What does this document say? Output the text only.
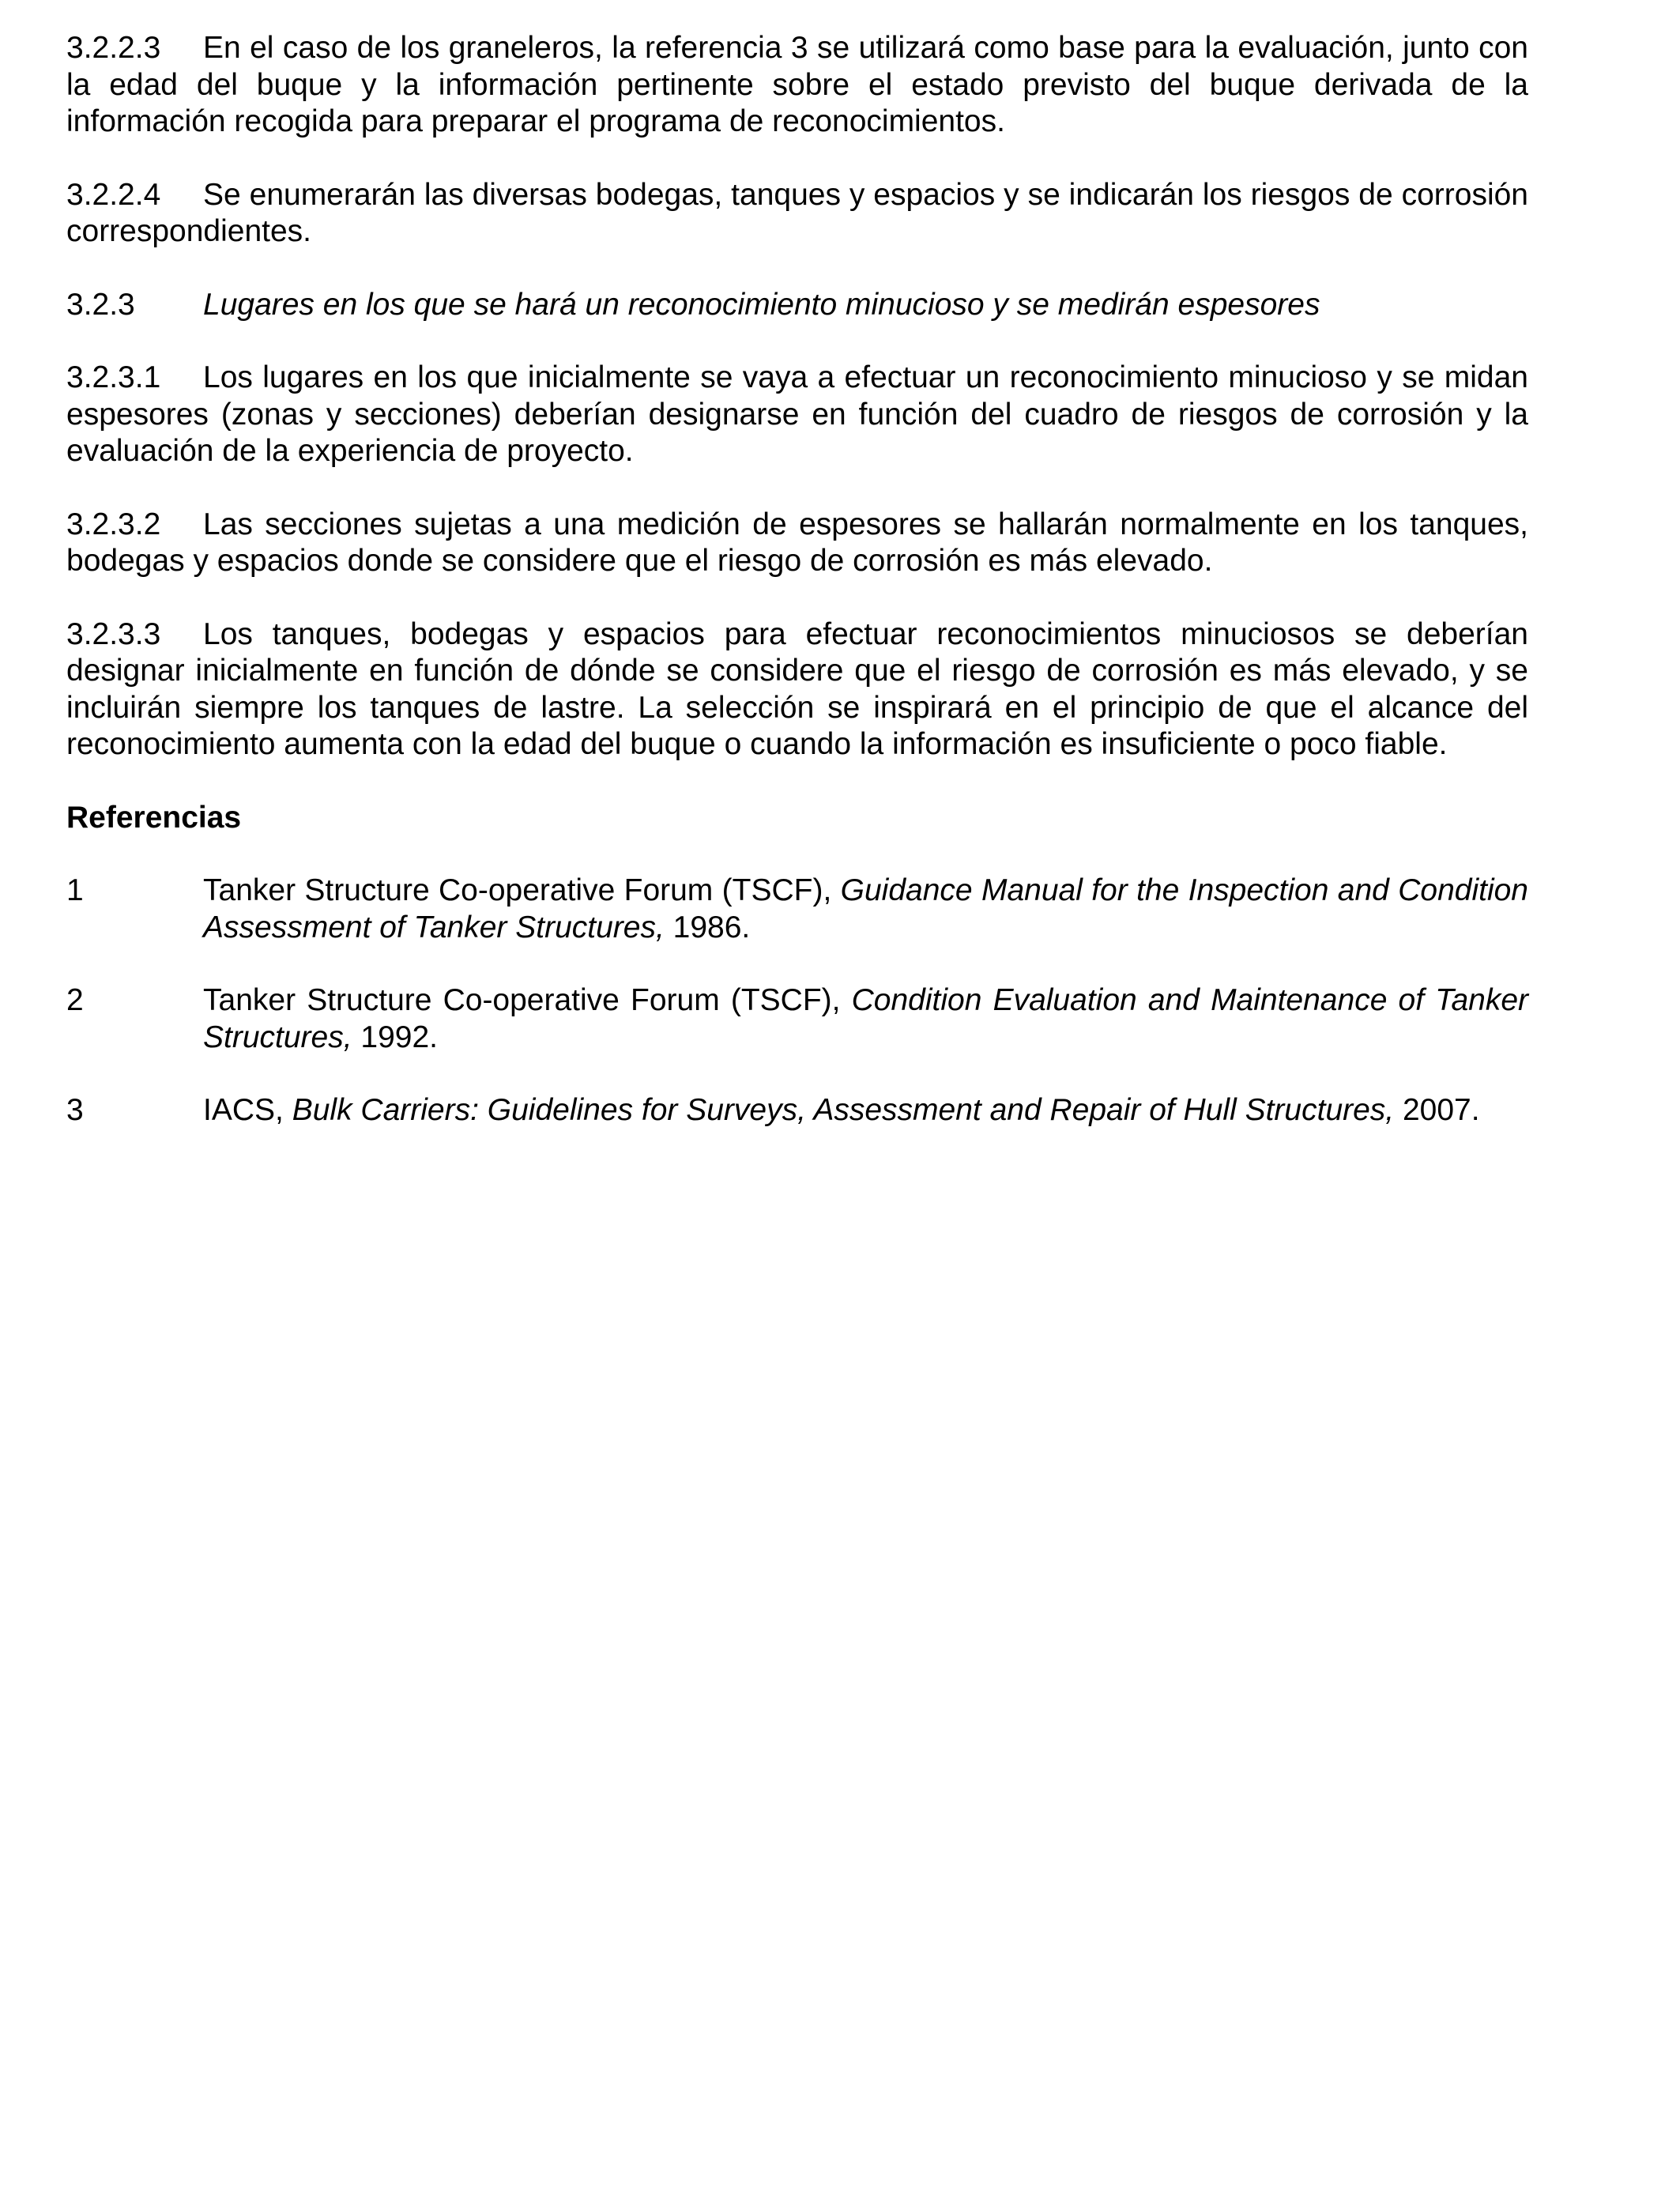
3.2.2.3 En el caso de los graneleros, la referencia 3 se utilizará como base para la evaluación, junto con la edad del buque y la información pertinente sobre el estado previsto del buque derivada de la información recogida para preparar el programa de reconocimientos.

3.2.2.4 Se enumerarán las diversas bodegas, tanques y espacios y se indicarán los riesgos de corrosión correspondientes.

3.2.3 Lugares en los que se hará un reconocimiento minucioso y se medirán espesores

3.2.3.1 Los lugares en los que inicialmente se vaya a efectuar un reconocimiento minucioso y se midan espesores (zonas y secciones) deberían designarse en función del cuadro de riesgos de corrosión y la evaluación de la experiencia de proyecto.

3.2.3.2 Las secciones sujetas a una medición de espesores se hallarán normalmente en los tanques, bodegas y espacios donde se considere que el riesgo de corrosión es más elevado.

3.2.3.3 Los tanques, bodegas y espacios para efectuar reconocimientos minuciosos se deberían designar inicialmente en función de dónde se considere que el riesgo de corrosión es más elevado, y se incluirán siempre los tanques de lastre. La selección se inspirará en el principio de que el alcance del reconocimiento aumenta con la edad del buque o cuando la información es insuficiente o poco fiable.

Referencias

1	Tanker Structure Co-operative Forum (TSCF), Guidance Manual for the Inspection and Condition Assessment of Tanker Structures, 1986.
2	Tanker Structure Co-operative Forum (TSCF), Condition Evaluation and Maintenance of Tanker Structures, 1992.
3	IACS, Bulk Carriers: Guidelines for Surveys, Assessment and Repair of Hull Structures, 2007.
